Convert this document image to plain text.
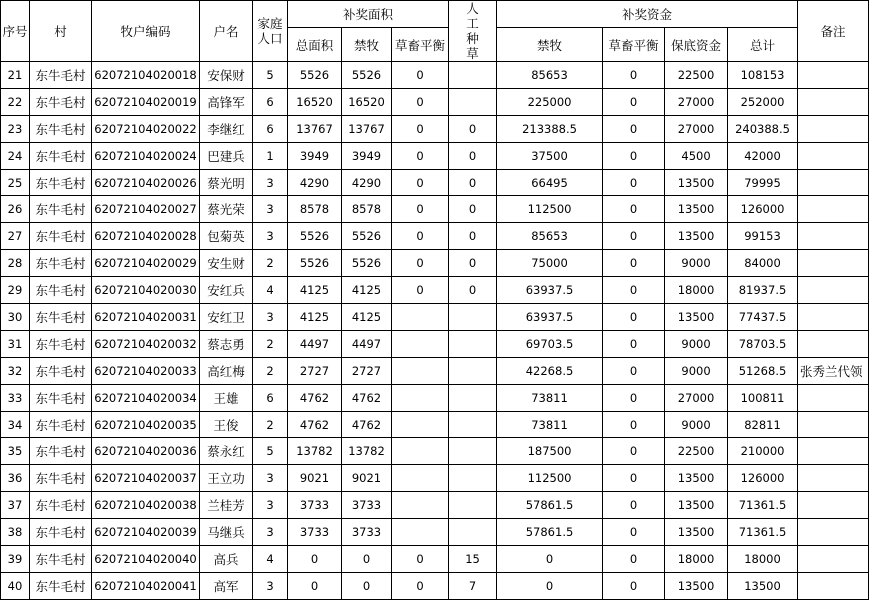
序号	村	牧户编码	户名	家庭人口	补奖面积			人工种草	补奖资金				备注
					总面积	禁牧	草畜平衡		禁牧	草畜平衡	保底资金	总计	
21	东牛毛村	62072104020018	安保财	5	5526	5526	0		85653	0	22500	108153	
22	东牛毛村	62072104020019	高锋军	6	16520	16520	0		225000	0	27000	252000	
23	东牛毛村	62072104020022	李继红	6	13767	13767	0	0	213388.5	0	27000	240388.5	
24	东牛毛村	62072104020024	巴建兵	1	3949	3949	0	0	37500	0	4500	42000	
25	东牛毛村	62072104020026	蔡光明	3	4290	4290	0	0	66495	0	13500	79995	
26	东牛毛村	62072104020027	蔡光荣	3	8578	8578	0	0	112500	0	13500	126000	
27	东牛毛村	62072104020028	包菊英	3	5526	5526	0	0	85653	0	13500	99153	
28	东牛毛村	62072104020029	安生财	2	5526	5526	0	0	75000	0	9000	84000	
29	东牛毛村	62072104020030	安红兵	4	4125	4125	0	0	63937.5	0	18000	81937.5	
30	东牛毛村	62072104020031	安红卫	3	4125	4125			63937.5	0	13500	77437.5	
31	东牛毛村	62072104020032	蔡志勇	2	4497	4497			69703.5	0	9000	78703.5	
32	东牛毛村	62072104020033	高红梅	2	2727	2727			42268.5	0	9000	51268.5	张秀兰代领
33	东牛毛村	62072104020034	王雄	6	4762	4762			73811	0	27000	100811	
34	东牛毛村	62072104020035	王俊	2	4762	4762			73811	0	9000	82811	
35	东牛毛村	62072104020036	蔡永红	5	13782	13782			187500	0	22500	210000	
36	东牛毛村	62072104020037	王立功	3	9021	9021			112500	0	13500	126000	
37	东牛毛村	62072104020038	兰桂芳	3	3733	3733			57861.5	0	13500	71361.5	
38	东牛毛村	62072104020039	马继兵	3	3733	3733			57861.5	0	13500	71361.5	
39	东牛毛村	62072104020040	高兵	4	0	0	0	15	0	0	18000	18000	
40	东牛毛村	62072104020041	高军	3	0	0	0	7	0	0	13500	13500	
